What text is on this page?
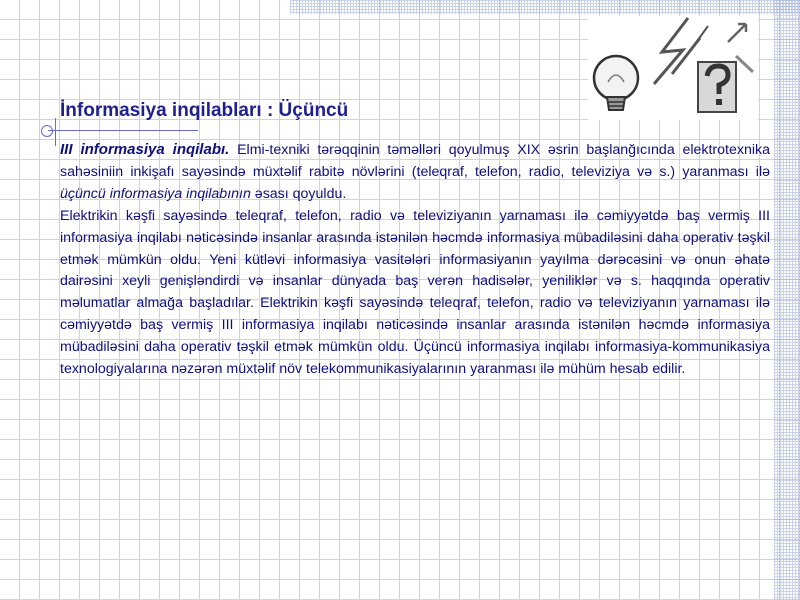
İnformasiya inqilabları : Üçüncü

III informasiya inqilabı. Elmi-texniki tərəqqinin təməlləri qoyulmuş XIX əsrin başlanğıcında elektrotexnika sahəsiniin inkişafı sayəsində müxtəlif rabitə növlərini (teleqraf, telefon, radio, televiziya və s.) yaranması ilə üçüncü informasiya inqilabının əsası qoyuldu.

Elektrikin kəşfi sayəsində teleqraf, telefon, radio və televiziyanın yarnaması ilə cəmiyyətdə baş vermiş III informasiya inqilabı nəticəsində insanlar arasında istənilən həcmdə informasiya mübadiləsini daha operativ təşkil etmək mümkün oldu. Yeni kütləvi informasiya vasitələri informasiyanın yayılma dərəcəsini və onun əhatə dairəsini xeyli genişləndirdi və insanlar dünyada baş verən hadisələr, yeniliklər və s. haqqında operativ məlumatlar almağa başladılar. Elektrikin kəşfi sayəsində teleqraf, telefon, radio və televiziyanın yarnaması ilə cəmiyyətdə baş vermiş III informasiya inqilabı nəticəsində insanlar arasında istənilən həcmdə informasiya mübadiləsini daha operativ təşkil etmək mümkün oldu. Üçüncü informasiya inqilabı informasiya-kommunikasiya texnologiyalarına nəzərən müxtəlif növ telekommunikasiyalarının yaranması ilə mühüm hesab edilir.
